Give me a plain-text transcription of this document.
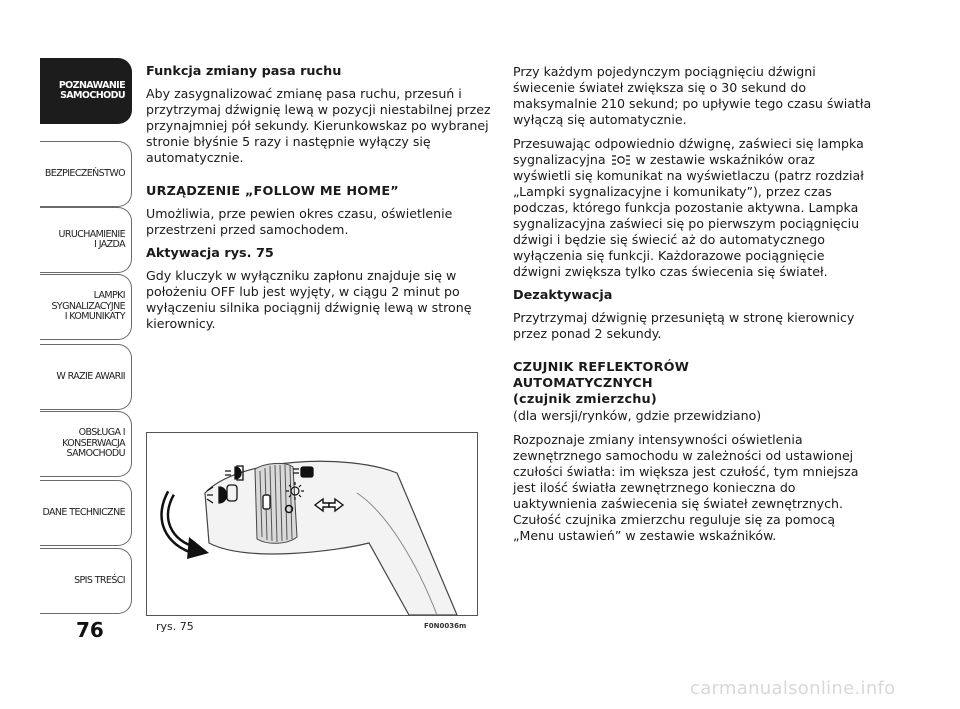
POZNAWANIE
SAMOCHODU
BEZPIECZEŃSTWO
URUCHAMIENIE
I JAZDA
LAMPKI
SYGNALIZACYJNE
I KOMUNIKATY
W RAZIE AWARII
OBSŁUGA I
KONSERWACJA
SAMOCHODU
DANE TECHNICZNE
SPIS TREŚCI
76
Funkcja zmiany pasa ruchu

Aby zasygnalizować zmianę pasa ruchu, przesuń i przytrzymaj dźwignię lewą w pozycji niestabilnej przez przynajmniej pół sekundy. Kierunkowskaz po wybranej stronie błyśnie 5 razy i następnie wyłączy się automatycznie.

URZĄDZENIE „FOLLOW ME HOME”

Umożliwia, prze pewien okres czasu, oświetlenie przestrzeni przed samochodem.

Aktywacja rys. 75

Gdy kluczyk w wyłączniku zapłonu znajduje się w położeniu OFF lub jest wyjęty, w ciągu 2 minut po wyłączeniu silnika pociągnij dźwignię lewą w stronę kierownicy.

Przy każdym pojedynczym pociągnięciu dźwigni świecenie świateł zwiększa się o 30 sekund do maksymalnie 210 sekund; po upływie tego czasu światła wyłączą się automatycznie.

Przesuwając odpowiednio dźwignę, zaświeci się lampka sygnalizacyjna w zestawie wskaźników oraz wyświetli się komunikat na wyświetlaczu (patrz rozdział „Lampki sygnalizacyjne i komunikaty”), przez czas podczas, którego funkcja pozostanie aktywna. Lampka sygnalizacyjna zaświeci się po pierwszym pociągnięciu dźwigi i będzie się świecić aż do automatycznego wyłączenia się funkcji. Każdorazowe pociągnięcie dźwigni zwiększa tylko czas świecenia się świateł.

Dezaktywacja

Przytrzymaj dźwignię przesuniętą w stronę kierownicy przez ponad 2 sekundy.

CZUJNIK REFLEKTORÓW
AUTOMATYCZNYCH
(czujnik zmierzchu)

(dla wersji/rynków, gdzie przewidziano)

Rozpoznaje zmiany intensywności oświetlenia zewnętrznego samochodu w zależności od ustawionej czułości światła: im większa jest czułość, tym mniejsza jest ilość światła zewnętrznego konieczna do uaktywnienia zaświecenia się świateł zewnętrznych. Czułość czujnika zmierzchu reguluje się za pomocą „Menu ustawień” w zestawie wskaźników.

rys. 75	F0N0036m
carmanualsonline.info
